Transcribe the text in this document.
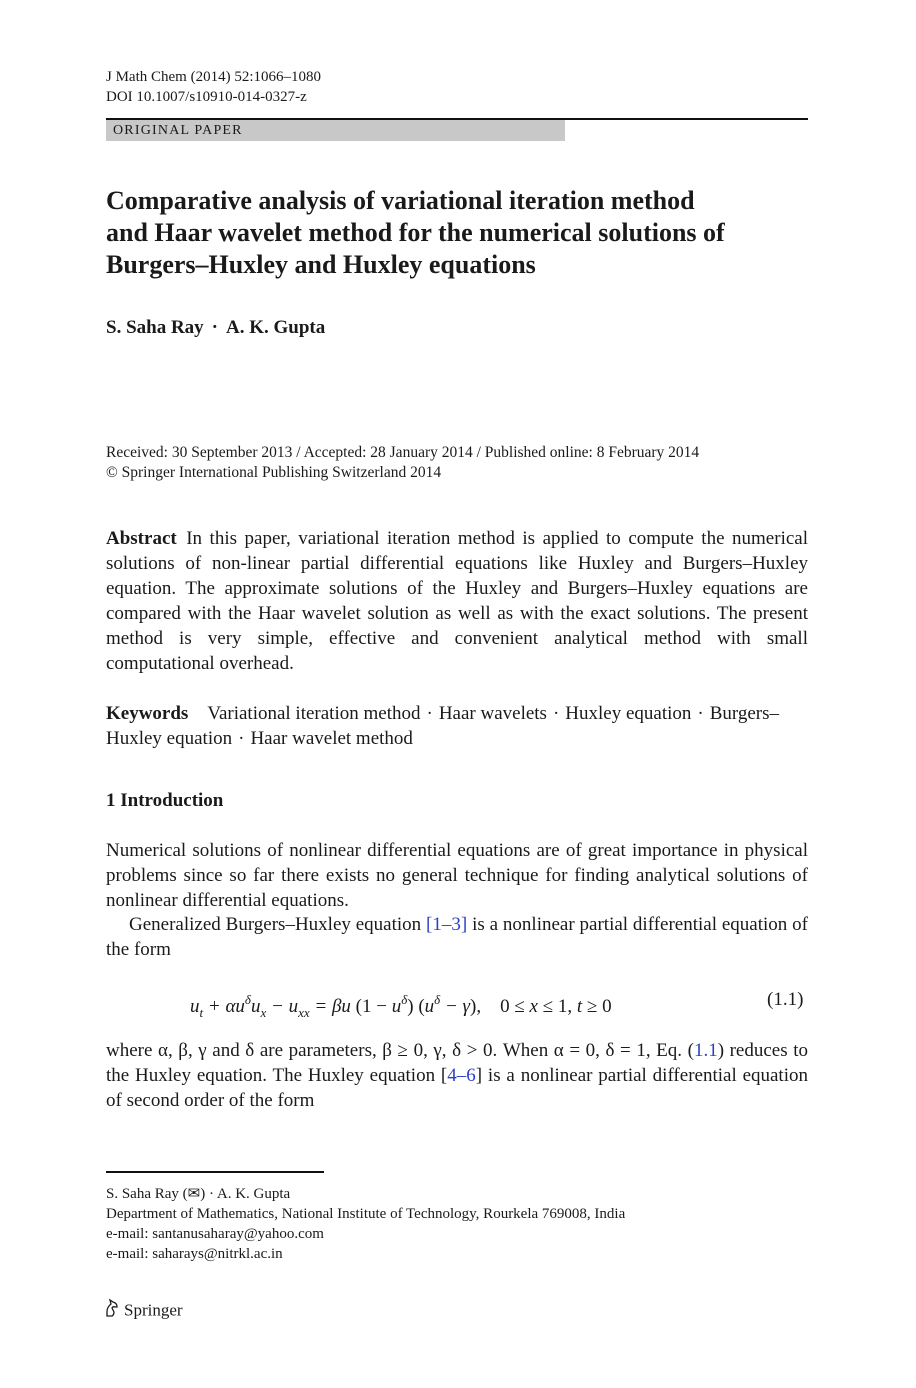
J Math Chem (2014) 52:1066–1080
DOI 10.1007/s10910-014-0327-z
ORIGINAL PAPER
Comparative analysis of variational iteration method
and Haar wavelet method for the numerical solutions of
Burgers–Huxley and Huxley equations
S. Saha Ray · A. K. Gupta
Received: 30 September 2013 / Accepted: 28 January 2014 / Published online: 8 February 2014
© Springer International Publishing Switzerland 2014
Abstract  In this paper, variational iteration method is applied to compute the numerical solutions of non-linear partial differential equations like Huxley and Burgers–Huxley equation. The approximate solutions of the Huxley and Burgers–Huxley equations are compared with the Haar wavelet solution as well as with the exact solutions. The present method is very simple, effective and convenient analytical method with small computational overhead.
Keywords   Variational iteration method · Haar wavelets · Huxley equation · Burgers–Huxley equation · Haar wavelet method
1 Introduction
Numerical solutions of nonlinear differential equations are of great importance in physical problems since so far there exists no general technique for finding analytical solutions of nonlinear differential equations.
Generalized Burgers–Huxley equation [1–3] is a nonlinear partial differential equation of the form
$u_t + \alpha u^\delta u_x - u_{xx} = \beta u$ $(1 - u^\delta)$ $(u^\delta - \gamma)$,  0 ≤ x ≤ 1, t ≥ 0	(1.1)
where α, β, γ and δ are parameters, β ≥ 0, γ, δ > 0. When α = 0, δ = 1, Eq. (1.1) reduces to the Huxley equation. The Huxley equation [4–6] is a nonlinear partial differential equation of second order of the form
S. Saha Ray (✉) · A. K. Gupta
Department of Mathematics, National Institute of Technology, Rourkela 769008, India
e-mail: santanusaharay@yahoo.com
e-mail: saharays@nitrkl.ac.in
Springer
